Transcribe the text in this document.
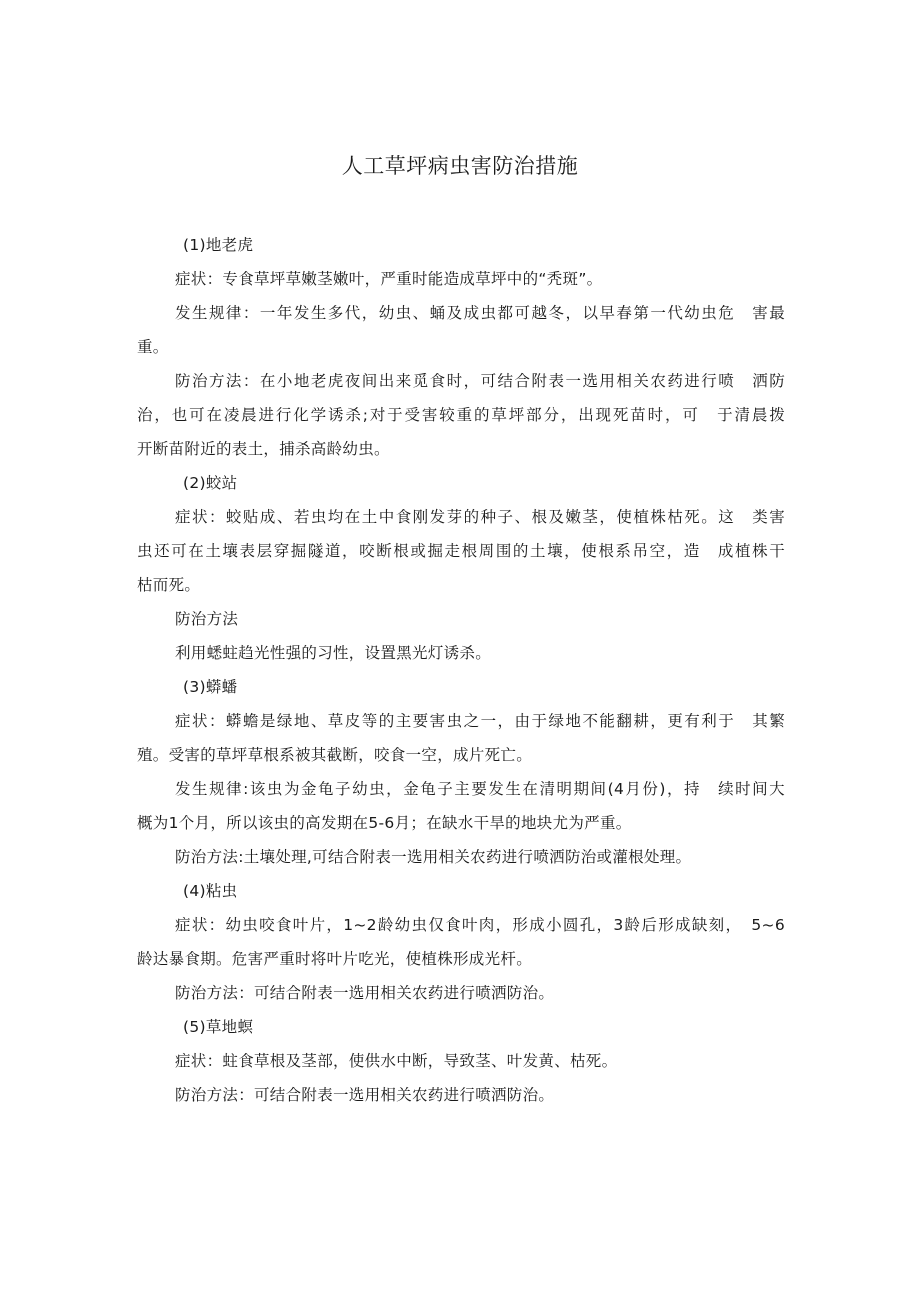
人工草坪病虫害防治措施
(1)地老虎
症状：专食草坪草嫩茎嫩叶，严重时能造成草坪中的“秃斑”。
发生规律：一年发生多代，幼虫、蛹及成虫都可越冬，以早春第一代幼虫危　害最
重。
防治方法：在小地老虎夜间出来觅食时，可结合附表一选用相关农药进行喷　洒防
治，也可在凌晨进行化学诱杀;对于受害较重的草坪部分，出现死苗时，可　于清晨拨
开断苗附近的表土，捕杀高龄幼虫。
(2)蛟站
症状：蛟贴成、若虫均在土中食刚发芽的种子、根及嫩茎，使植株枯死。这　类害
虫还可在土壤表层穿掘隧道，咬断根或掘走根周围的土壤，使根系吊空，造　成植株干
枯而死。
防治方法
利用蟋蛀趋光性强的习性，设置黑光灯诱杀。
(3)蟒蟠
症状：蟒蟾是绿地、草皮等的主要害虫之一，由于绿地不能翻耕，更有利于　其繁
殖。受害的草坪草根系被其截断，咬食一空，成片死亡。
发生规律:该虫为金龟子幼虫，金龟子主要发生在清明期间(4月份)，持　续时间大
概为1个月，所以该虫的高发期在5-6月；在缺水干旱的地块尤为严重。
防治方法:土壤处理,可结合附表一选用相关农药进行喷洒防治或灌根处理。
(4)粘虫
症状：幼虫咬食叶片，1~2龄幼虫仅食叶肉，形成小圆孔，3龄后形成缺刻，　5~6
龄达暴食期。危害严重时将叶片吃光，使植株形成光杆。
防治方法：可结合附表一选用相关农药进行喷洒防治。
(5)草地螟
症状：蛀食草根及茎部，使供水中断，导致茎、叶发黄、枯死。
防治方法：可结合附表一选用相关农药进行喷洒防治。
